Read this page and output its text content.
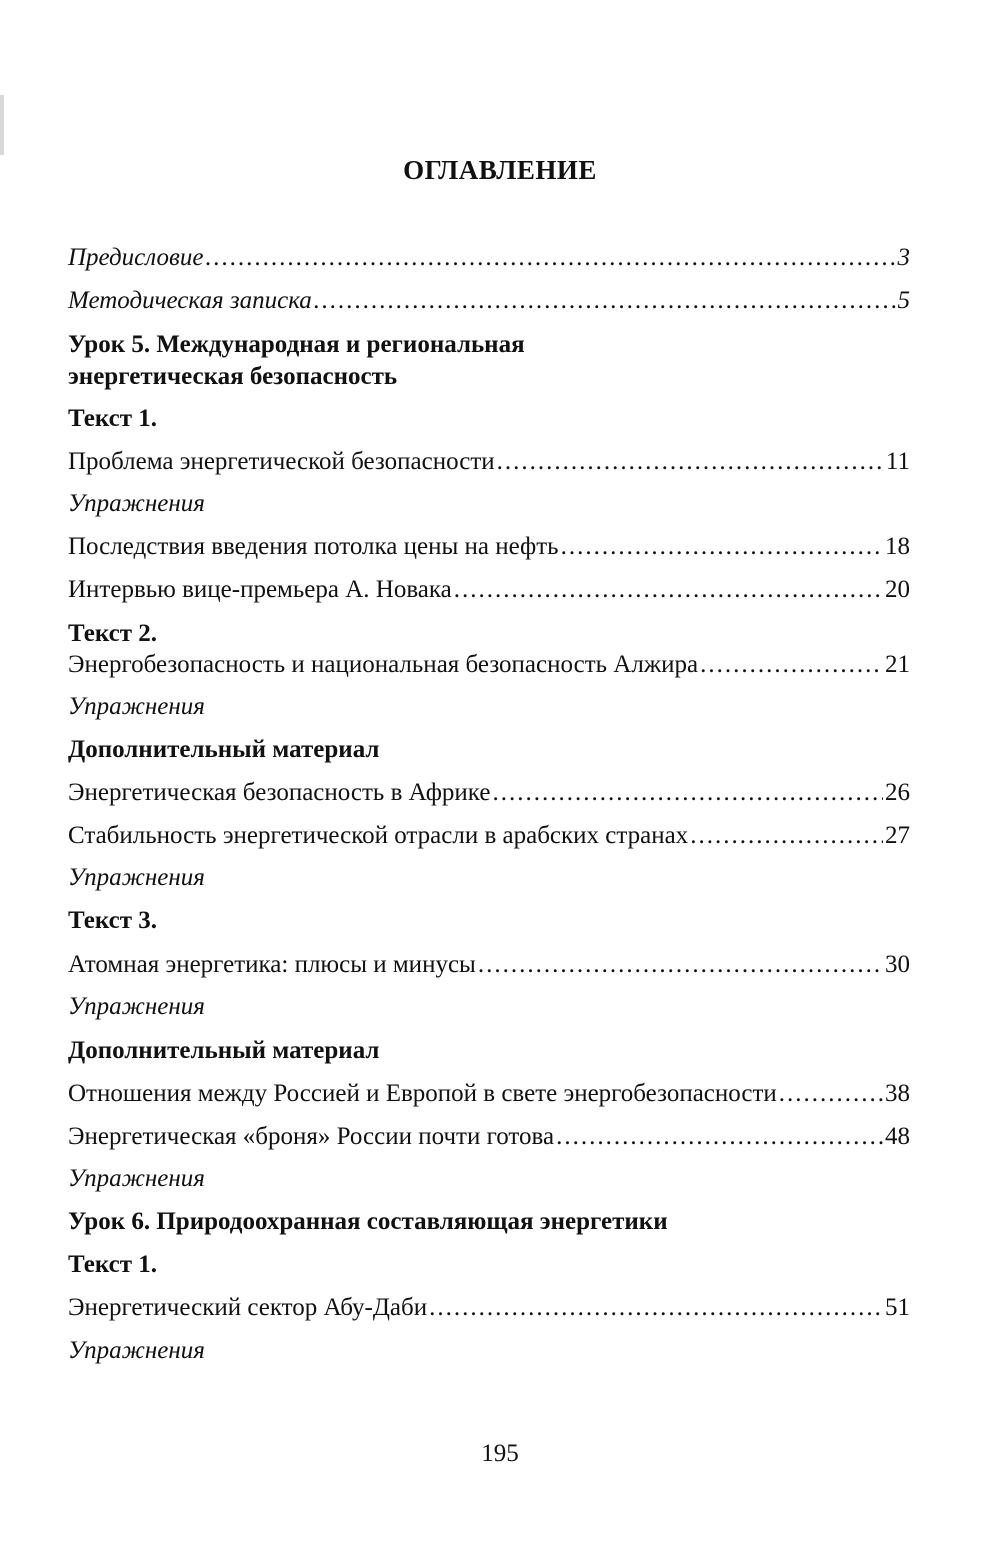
ОГЛАВЛЕНИЕ
Предисловие .....	3
Методическая записка .....	5
Урок 5. Международная и региональная
энергетическая безопасность
Текст 1.
Проблема энергетической безопасности .....	11
Упражнения
Последствия введения потолка цены на нефть .....	18
Интервью вице-премьера А. Новака .....	20
Текст 2.
Энергобезопасность и национальная безопасность Алжира .....	21
Упражнения
Дополнительный материал
Энергетическая безопасность в Африке .....	26
Стабильность энергетической отрасли в арабских странах .....	27
Упражнения
Текст 3.
Атомная энергетика: плюсы и минусы .....	30
Упражнения
Дополнительный материал
Отношения между Россией и Европой в свете энергобезопасности .....	38
Энергетическая «броня» России почти готова .....	48
Упражнения
Урок 6. Природоохранная составляющая энергетики
Текст 1.
Энергетический сектор Абу-Даби .....	51
Упражнения
195
